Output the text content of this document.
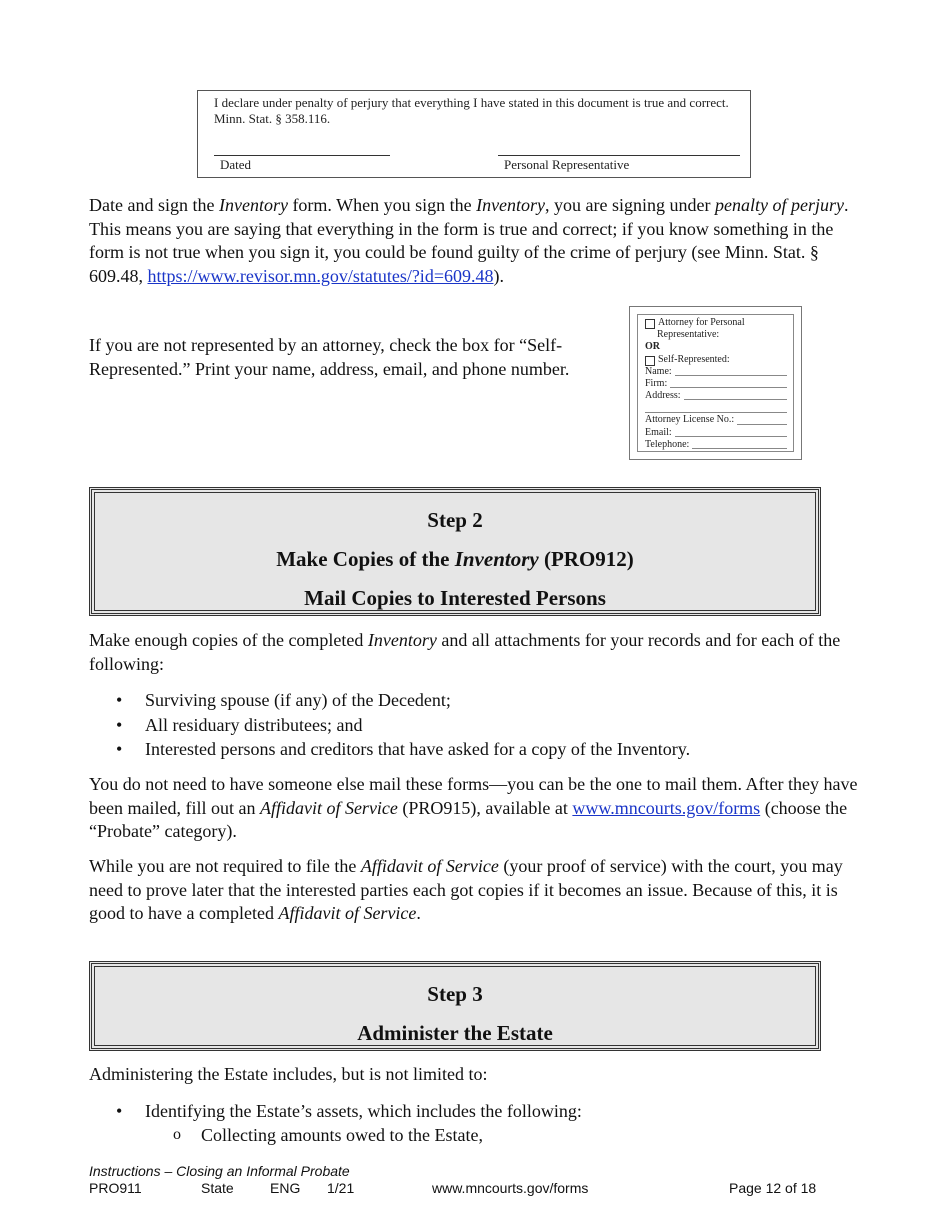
I declare under penalty of perjury that everything I have stated in this document is true and correct. Minn. Stat. § 358.116.
Dated	Personal Representative

Date and sign the Inventory form. When you sign the Inventory, you are signing under penalty of perjury. This means you are saying that everything in the form is true and correct; if you know something in the form is not true when you sign it, you could be found guilty of the crime of perjury (see Minn. Stat. § 609.48, https://www.revisor.mn.gov/statutes/?id=609.48).

If you are not represented by an attorney, check the box for “Self-Represented.” Print your name, address, email, and phone number.

Attorney for Personal
Representative:
OR
Self-Represented:
Name:
Firm:
Address:
Attorney License No.:
Email:
Telephone:
Step 2
Make Copies of the Inventory (PRO912)
Mail Copies to Interested Persons

Make enough copies of the completed Inventory and all attachments for your records and for each of the following:

• Surviving spouse (if any) of the Decedent;
• All residuary distributees; and
• Interested persons and creditors that have asked for a copy of the Inventory.

You do not need to have someone else mail these forms—you can be the one to mail them. After they have been mailed, fill out an Affidavit of Service (PRO915), available at www.mncourts.gov/forms (choose the “Probate” category).

While you are not required to file the Affidavit of Service (your proof of service) with the court, you may need to prove later that the interested parties each got copies if it becomes an issue. Because of this, it is good to have a completed Affidavit of Service.

Step 3
Administer the Estate

Administering the Estate includes, but is not limited to:

• Identifying the Estate’s assets, which includes the following:
o Collecting amounts owed to the Estate,
Instructions – Closing an Informal Probate
PRO911	State	ENG 1/21	www.mncourts.gov/forms	Page 12 of 18
